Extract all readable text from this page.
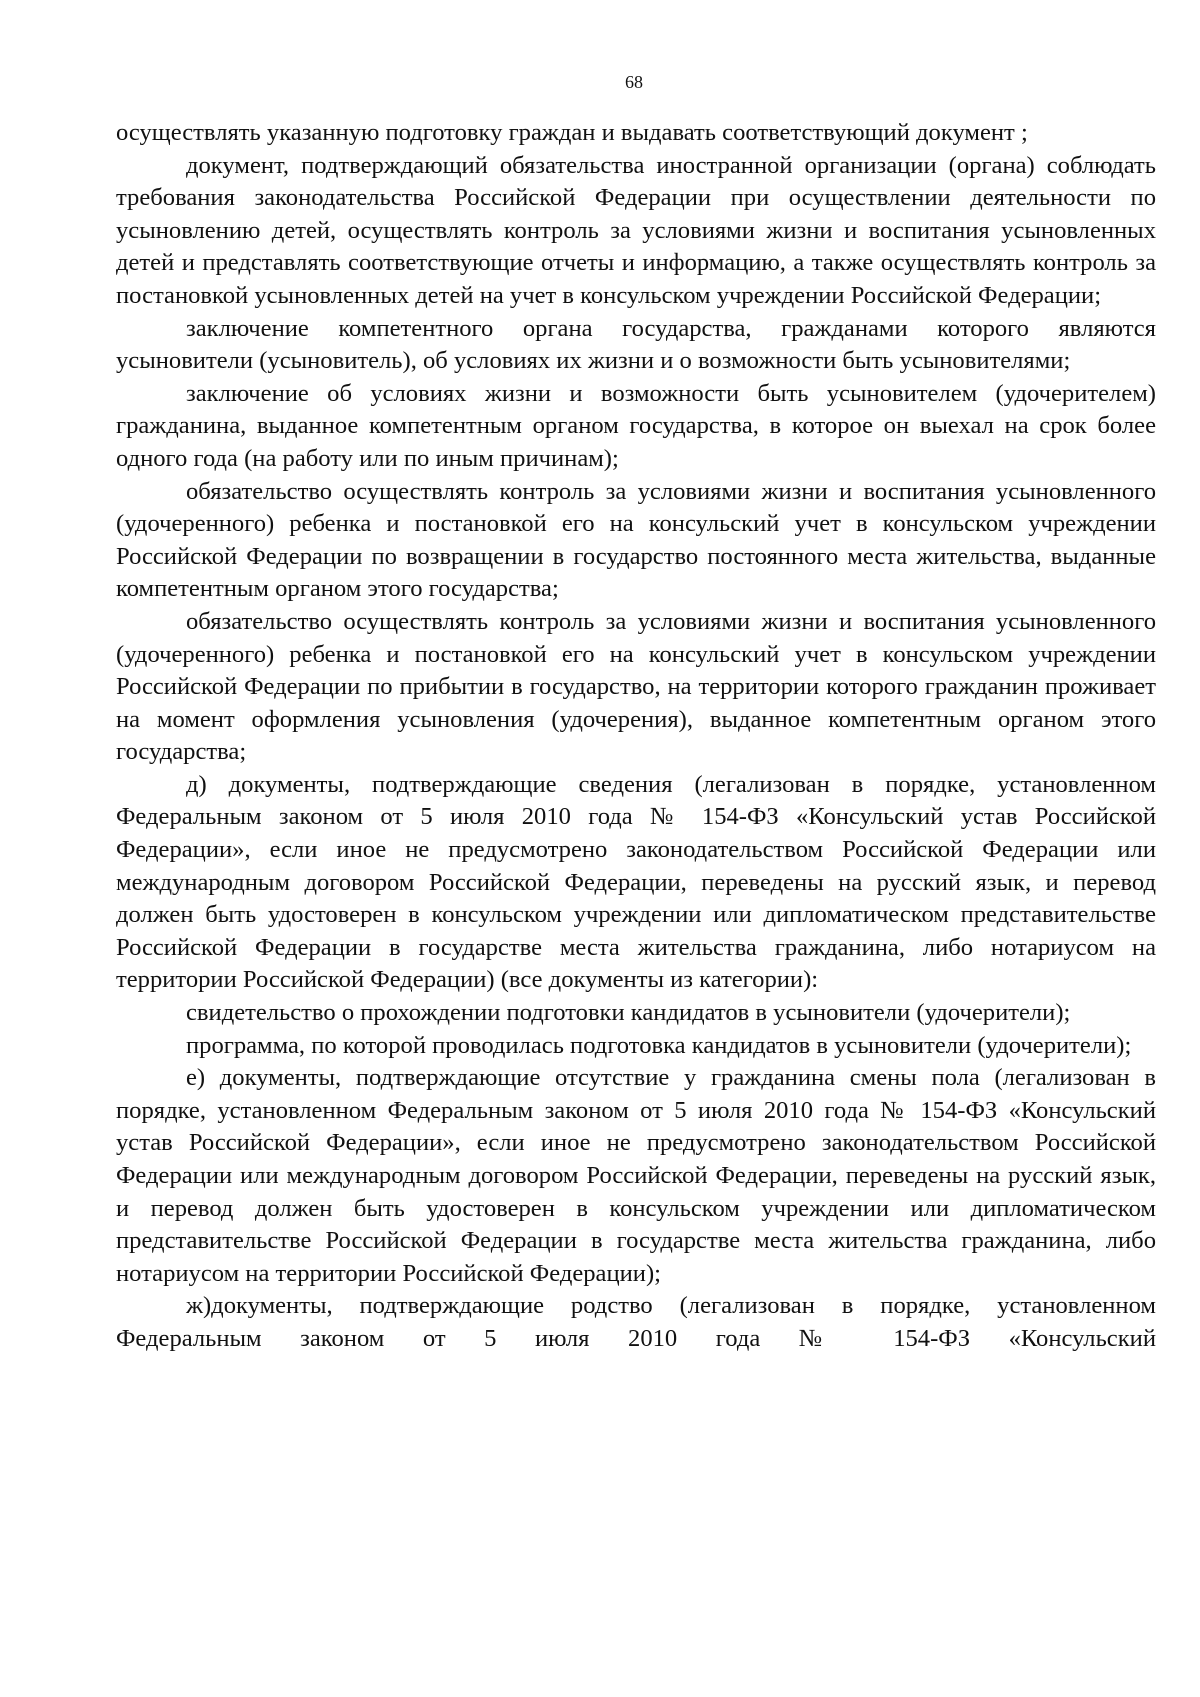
68

осуществлять указанную подготовку граждан и выдавать соответствующий документ ;

документ, подтверждающий обязательства иностранной организации (органа) соблюдать требования законодательства Российской Федерации при осуществлении деятельности по усыновлению детей, осуществлять контроль за условиями жизни и воспитания усыновленных детей и представлять соответствующие отчеты и информацию, а также осуществлять контроль за постановкой усыновленных детей на учет в консульском учреждении Российской Федерации;

заключение компетентного органа государства, гражданами которого являются усыновители (усыновитель), об условиях их жизни и о возможности быть усыновителями;

заключение об условиях жизни и возможности быть усыновителем (удочерителем) гражданина, выданное компетентным органом государства, в которое он выехал на срок более одного года (на работу или по иным причинам);

обязательство осуществлять контроль за условиями жизни и воспитания усыновленного (удочеренного) ребенка и постановкой его на консульский учет в консульском учреждении Российской Федерации по возвращении в государство постоянного места жительства, выданные компетентным органом этого государства;

обязательство осуществлять контроль за условиями жизни и воспитания усыновленного (удочеренного) ребенка и постановкой его на консульский учет в консульском учреждении Российской Федерации по прибытии в государство, на территории которого гражданин проживает на момент оформления усыновления (удочерения), выданное компетентным органом этого государства;

д) документы, подтверждающие сведения (легализован в порядке, установленном Федеральным законом от 5 июля 2010 года № 154-ФЗ «Консульский устав Российской Федерации», если иное не предусмотрено законодательством Российской Федерации или международным договором Российской Федерации, переведены на русский язык, и перевод должен быть удостоверен в консульском учреждении или дипломатическом представительстве Российской Федерации в государстве места жительства гражданина, либо нотариусом на территории Российской Федерации) (все документы из категории):

свидетельство о прохождении подготовки кандидатов в усыновители (удочерители);

программа, по которой проводилась подготовка кандидатов в усыновители (удочерители);

е) документы, подтверждающие отсутствие у гражданина смены пола (легализован в порядке, установленном Федеральным законом от 5 июля 2010 года № 154-ФЗ «Консульский устав Российской Федерации», если иное не предусмотрено законодательством Российской Федерации или международным договором Российской Федерации, переведены на русский язык, и перевод должен быть удостоверен в консульском учреждении или дипломатическом представительстве Российской Федерации в государстве места жительства гражданина, либо нотариусом на территории Российской Федерации);

ж)документы, подтверждающие родство (легализован в порядке, установленном Федеральным законом от 5 июля 2010 года № 154-ФЗ «Консульский
